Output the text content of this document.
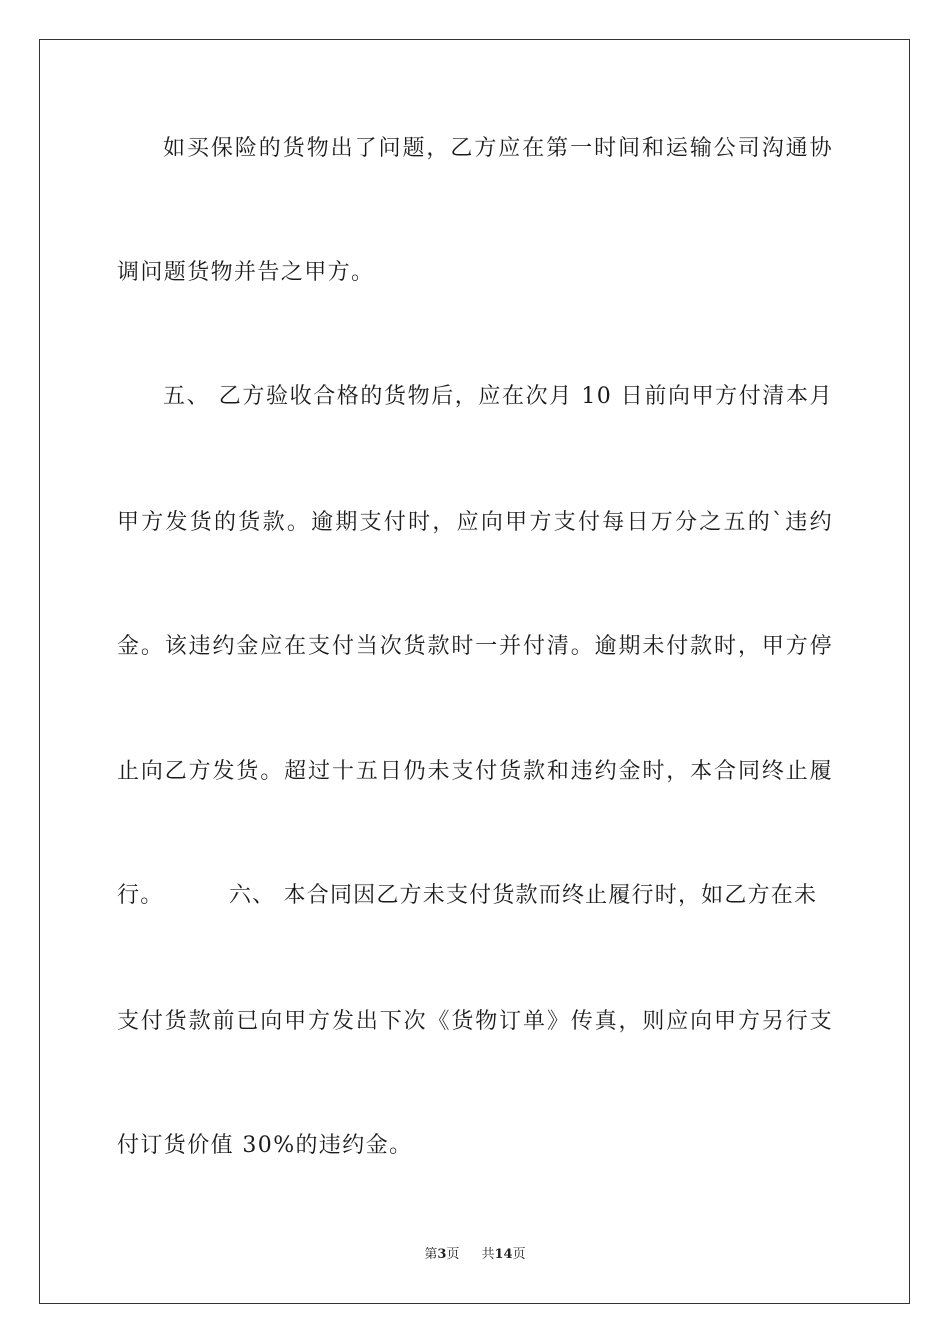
如买保险的货物出了问题，乙方应在第一时间和运输公司沟通协
调问题货物并告之甲方。
五、 乙方验收合格的货物后，应在次月 10 日前向甲方付清本月
甲方发货的货款。逾期支付时，应向甲方支付每日万分之五的`违约
金。该违约金应在支付当次货款时一并付清。逾期未付款时，甲方停
止向乙方发货。超过十五日仍未支付货款和违约金时，本合同终止履
行。        六、 本合同因乙方未支付货款而终止履行时，如乙方在未
支付货款前已向甲方发出下次《货物订单》传真，则应向甲方另行支
付订货价值 30%的违约金。
第3页 共14页
